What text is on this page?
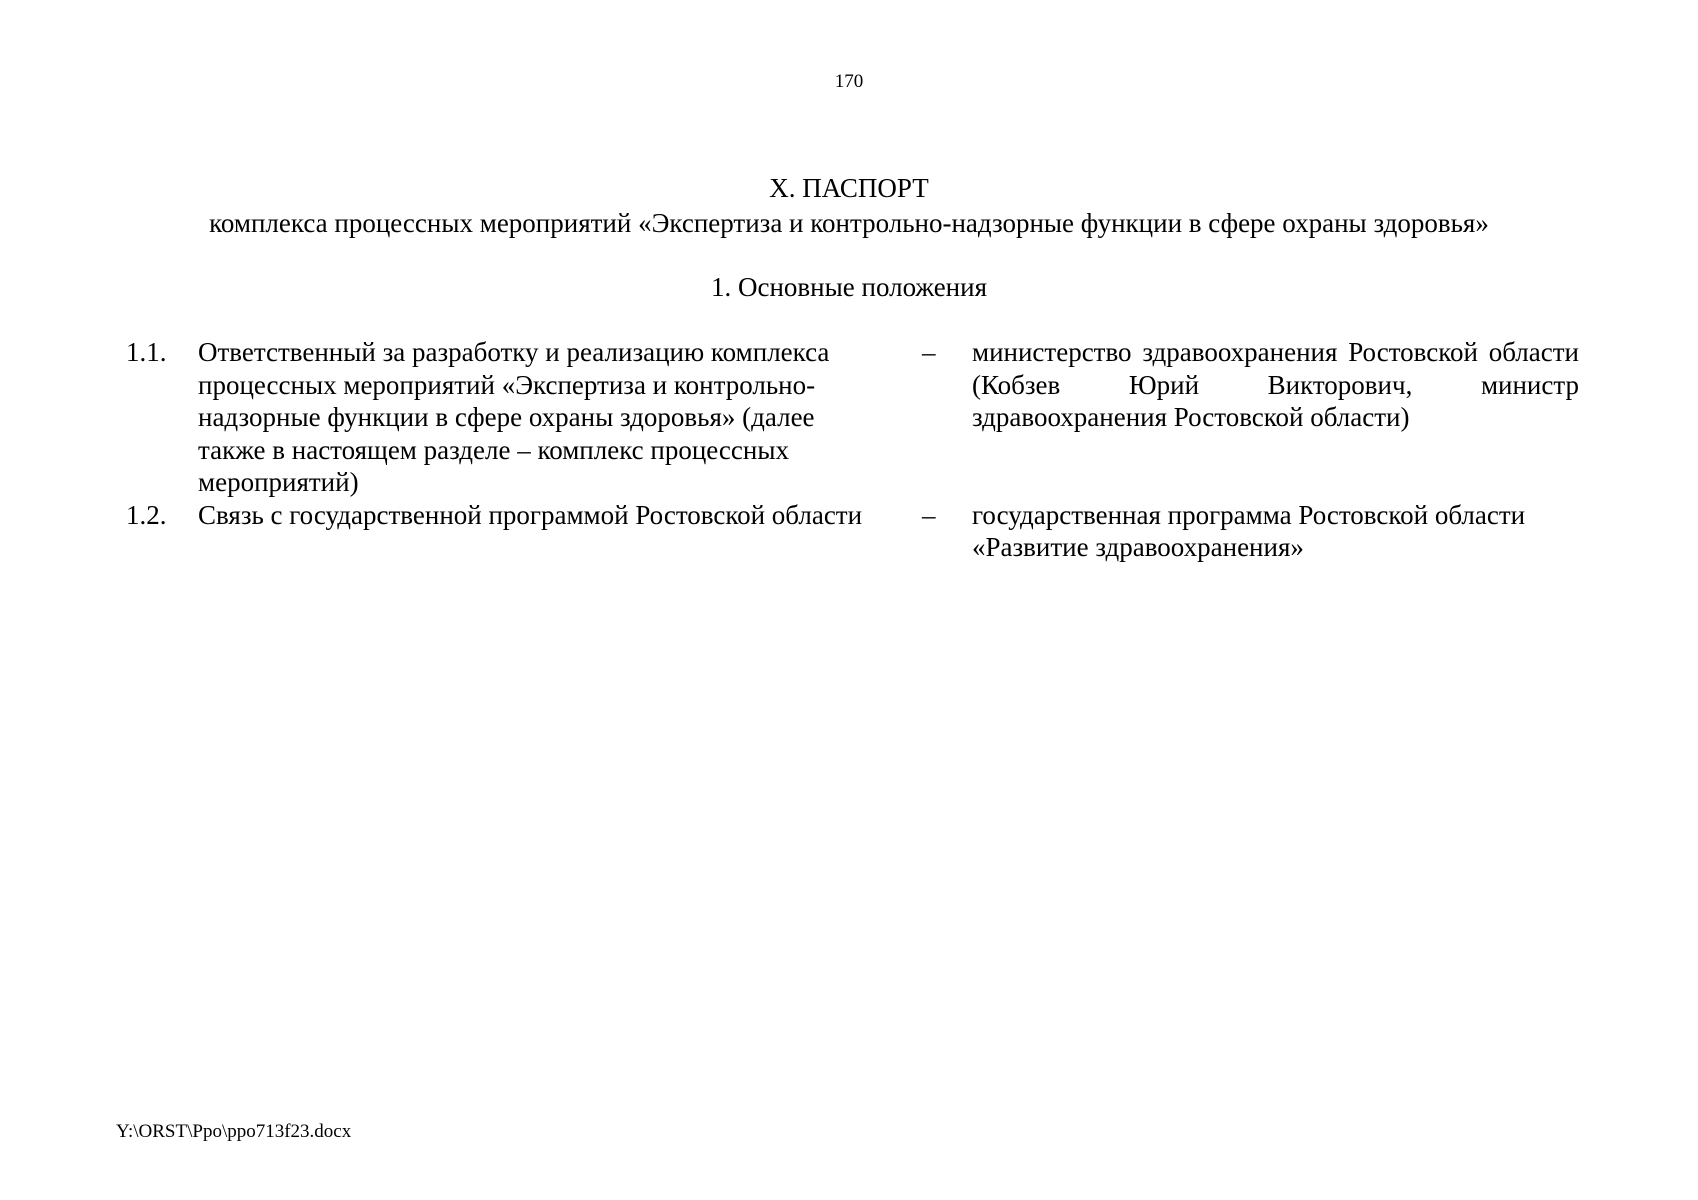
170
X. ПАСПОРТ
комплекса процессных мероприятий «Экспертиза и контрольно-надзорные функции в сфере охраны здоровья»
1. Основные положения
1.1. Ответственный за разработку и реализацию комплекса процессных мероприятий «Экспертиза и контрольно-надзорные функции в сфере охраны здоровья» (далее также в настоящем разделе – комплекс процессных мероприятий)
– министерство здравоохранения Ростовской области (Кобзев Юрий Викторович, министр здравоохранения Ростовской области)
1.2. Связь с государственной программой Ростовской области	– государственная программа Ростовской области «Развитие здравоохранения»
Y:\ORST\Ppo\ppo713f23.docx
